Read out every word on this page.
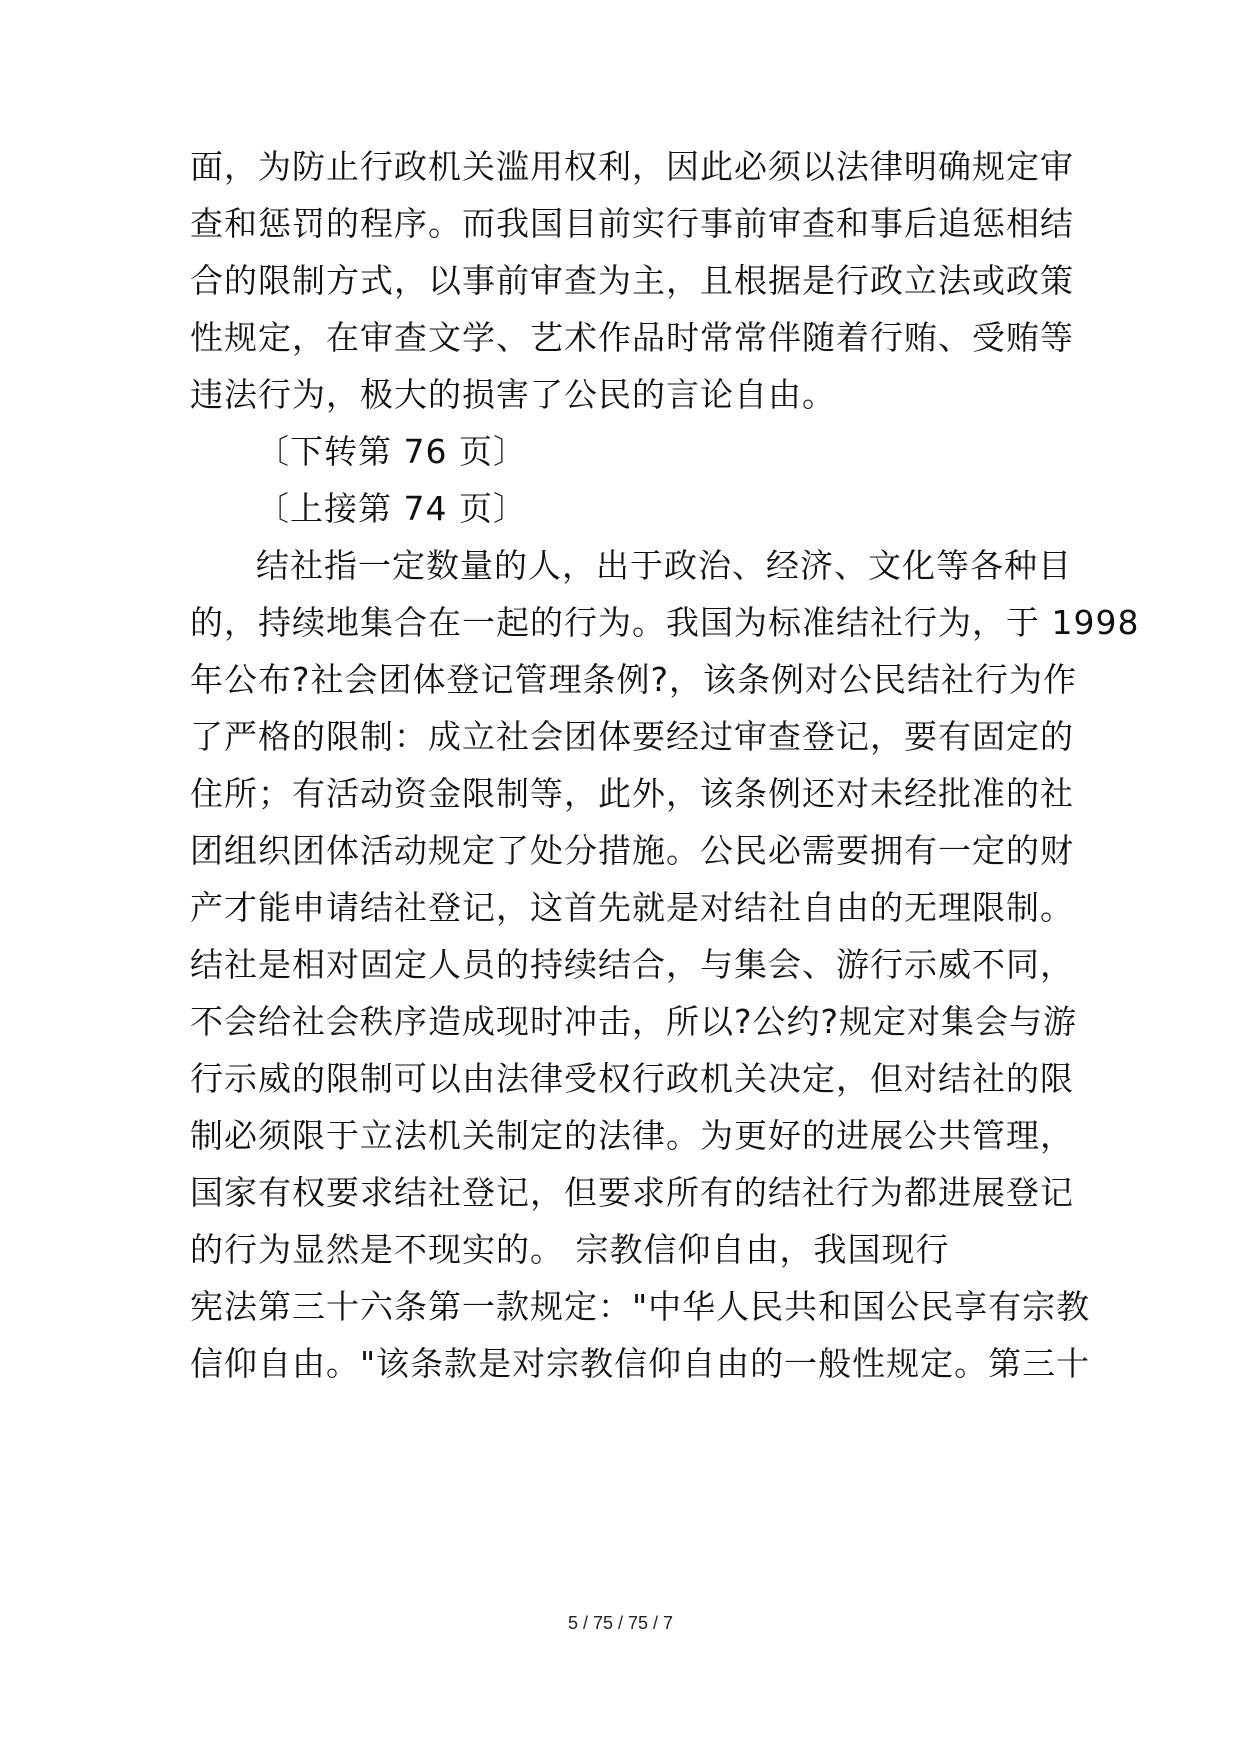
面，为防止行政机关滥用权利，因此必须以法律明确规定审
查和惩罚的程序。而我国目前实行事前审查和事后追惩相结
合的限制方式，以事前审查为主，且根据是行政立法或政策
性规定，在审查文学、艺术作品时常常伴随着行贿、受贿等
违法行为，极大的损害了公民的言论自由。
〔下转第 76 页〕
〔上接第 74 页〕
结社指一定数量的人，出于政治、经济、文化等各种目
的，持续地集合在一起的行为。我国为标准结社行为，于 1998
年公布?社会团体登记管理条例?，该条例对公民结社行为作
了严格的限制：成立社会团体要经过审查登记，要有固定的
住所；有活动资金限制等，此外，该条例还对未经批准的社
团组织团体活动规定了处分措施。公民必需要拥有一定的财
产才能申请结社登记，这首先就是对结社自由的无理限制。
结社是相对固定人员的持续结合，与集会、游行示威不同，
不会给社会秩序造成现时冲击，所以?公约?规定对集会与游
行示威的限制可以由法律受权行政机关决定，但对结社的限
制必须限于立法机关制定的法律。为更好的进展公共管理，
国家有权要求结社登记，但要求所有的结社行为都进展登记
的行为显然是不现实的。 宗教信仰自由，我国现行
宪法第三十六条第一款规定："中华人民共和国公民享有宗教
信仰自由。"该条款是对宗教信仰自由的一般性规定。第三十
5 / 75 / 75 / 7
